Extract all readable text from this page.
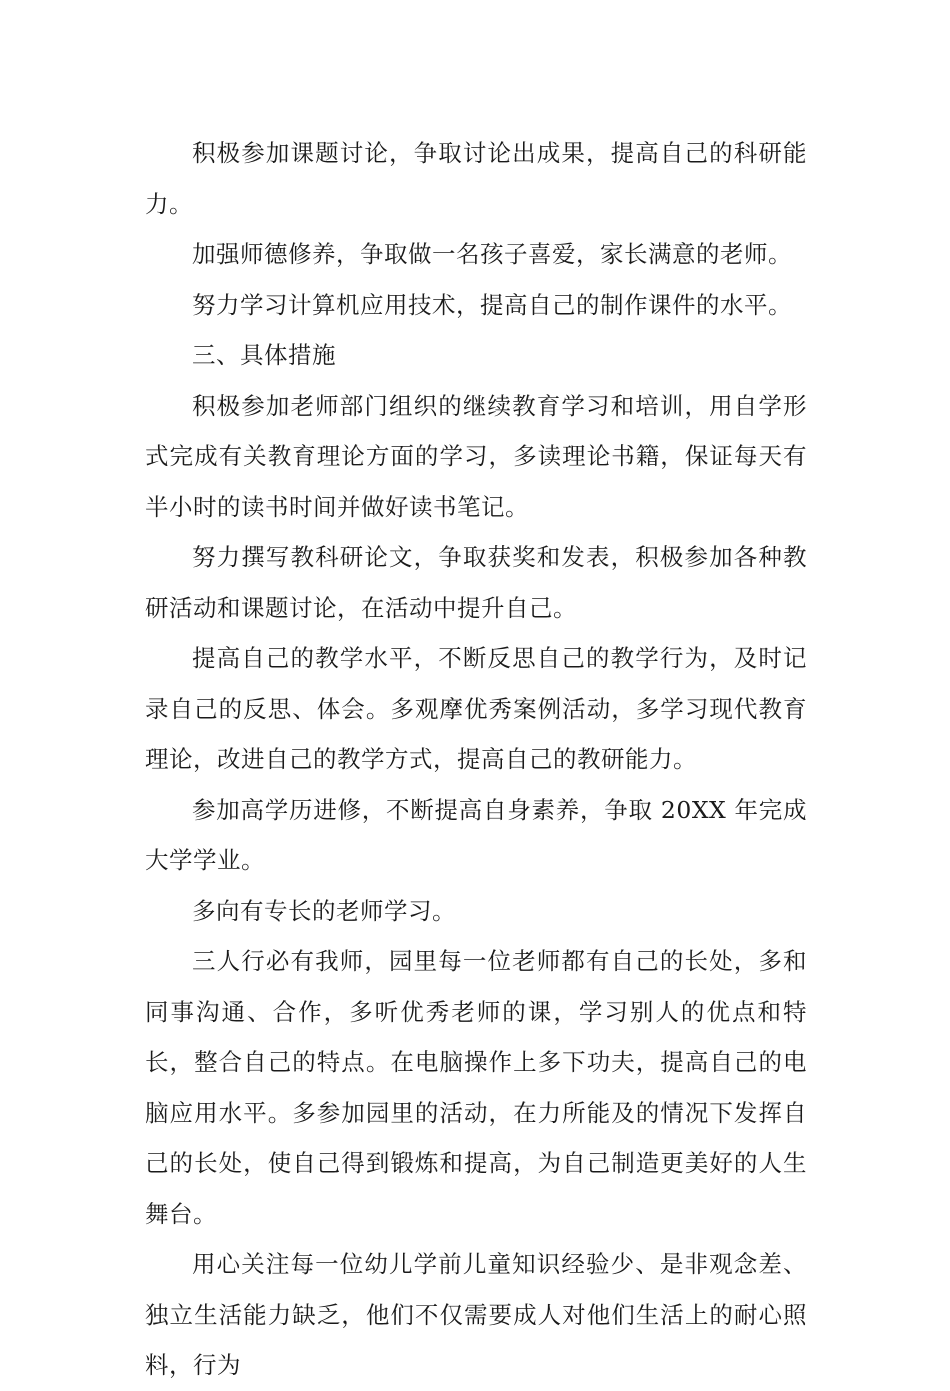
积极参加课题讨论，争取讨论出成果，提高自己的科研能力。

加强师德修养，争取做一名孩子喜爱，家长满意的老师。

努力学习计算机应用技术，提高自己的制作课件的水平。

三、具体措施

积极参加老师部门组织的继续教育学习和培训，用自学形式完成有关教育理论方面的学习，多读理论书籍，保证每天有半小时的读书时间并做好读书笔记。

努力撰写教科研论文，争取获奖和发表，积极参加各种教研活动和课题讨论，在活动中提升自己。

提高自己的教学水平，不断反思自己的教学行为，及时记录自己的反思、体会。多观摩优秀案例活动，多学习现代教育理论，改进自己的教学方式，提高自己的教研能力。

参加高学历进修，不断提高自身素养，争取 20XX 年完成大学学业。

多向有专长的老师学习。

三人行必有我师，园里每一位老师都有自己的长处，多和同事沟通、合作，多听优秀老师的课，学习别人的优点和特长，整合自己的特点。在电脑操作上多下功夫，提高自己的电脑应用水平。多参加园里的活动，在力所能及的情况下发挥自己的长处，使自己得到锻炼和提高，为自己制造更美好的人生舞台。

用心关注每一位幼儿学前儿童知识经验少、是非观念差、独立生活能力缺乏，他们不仅需要成人对他们生活上的耐心照料，行为
